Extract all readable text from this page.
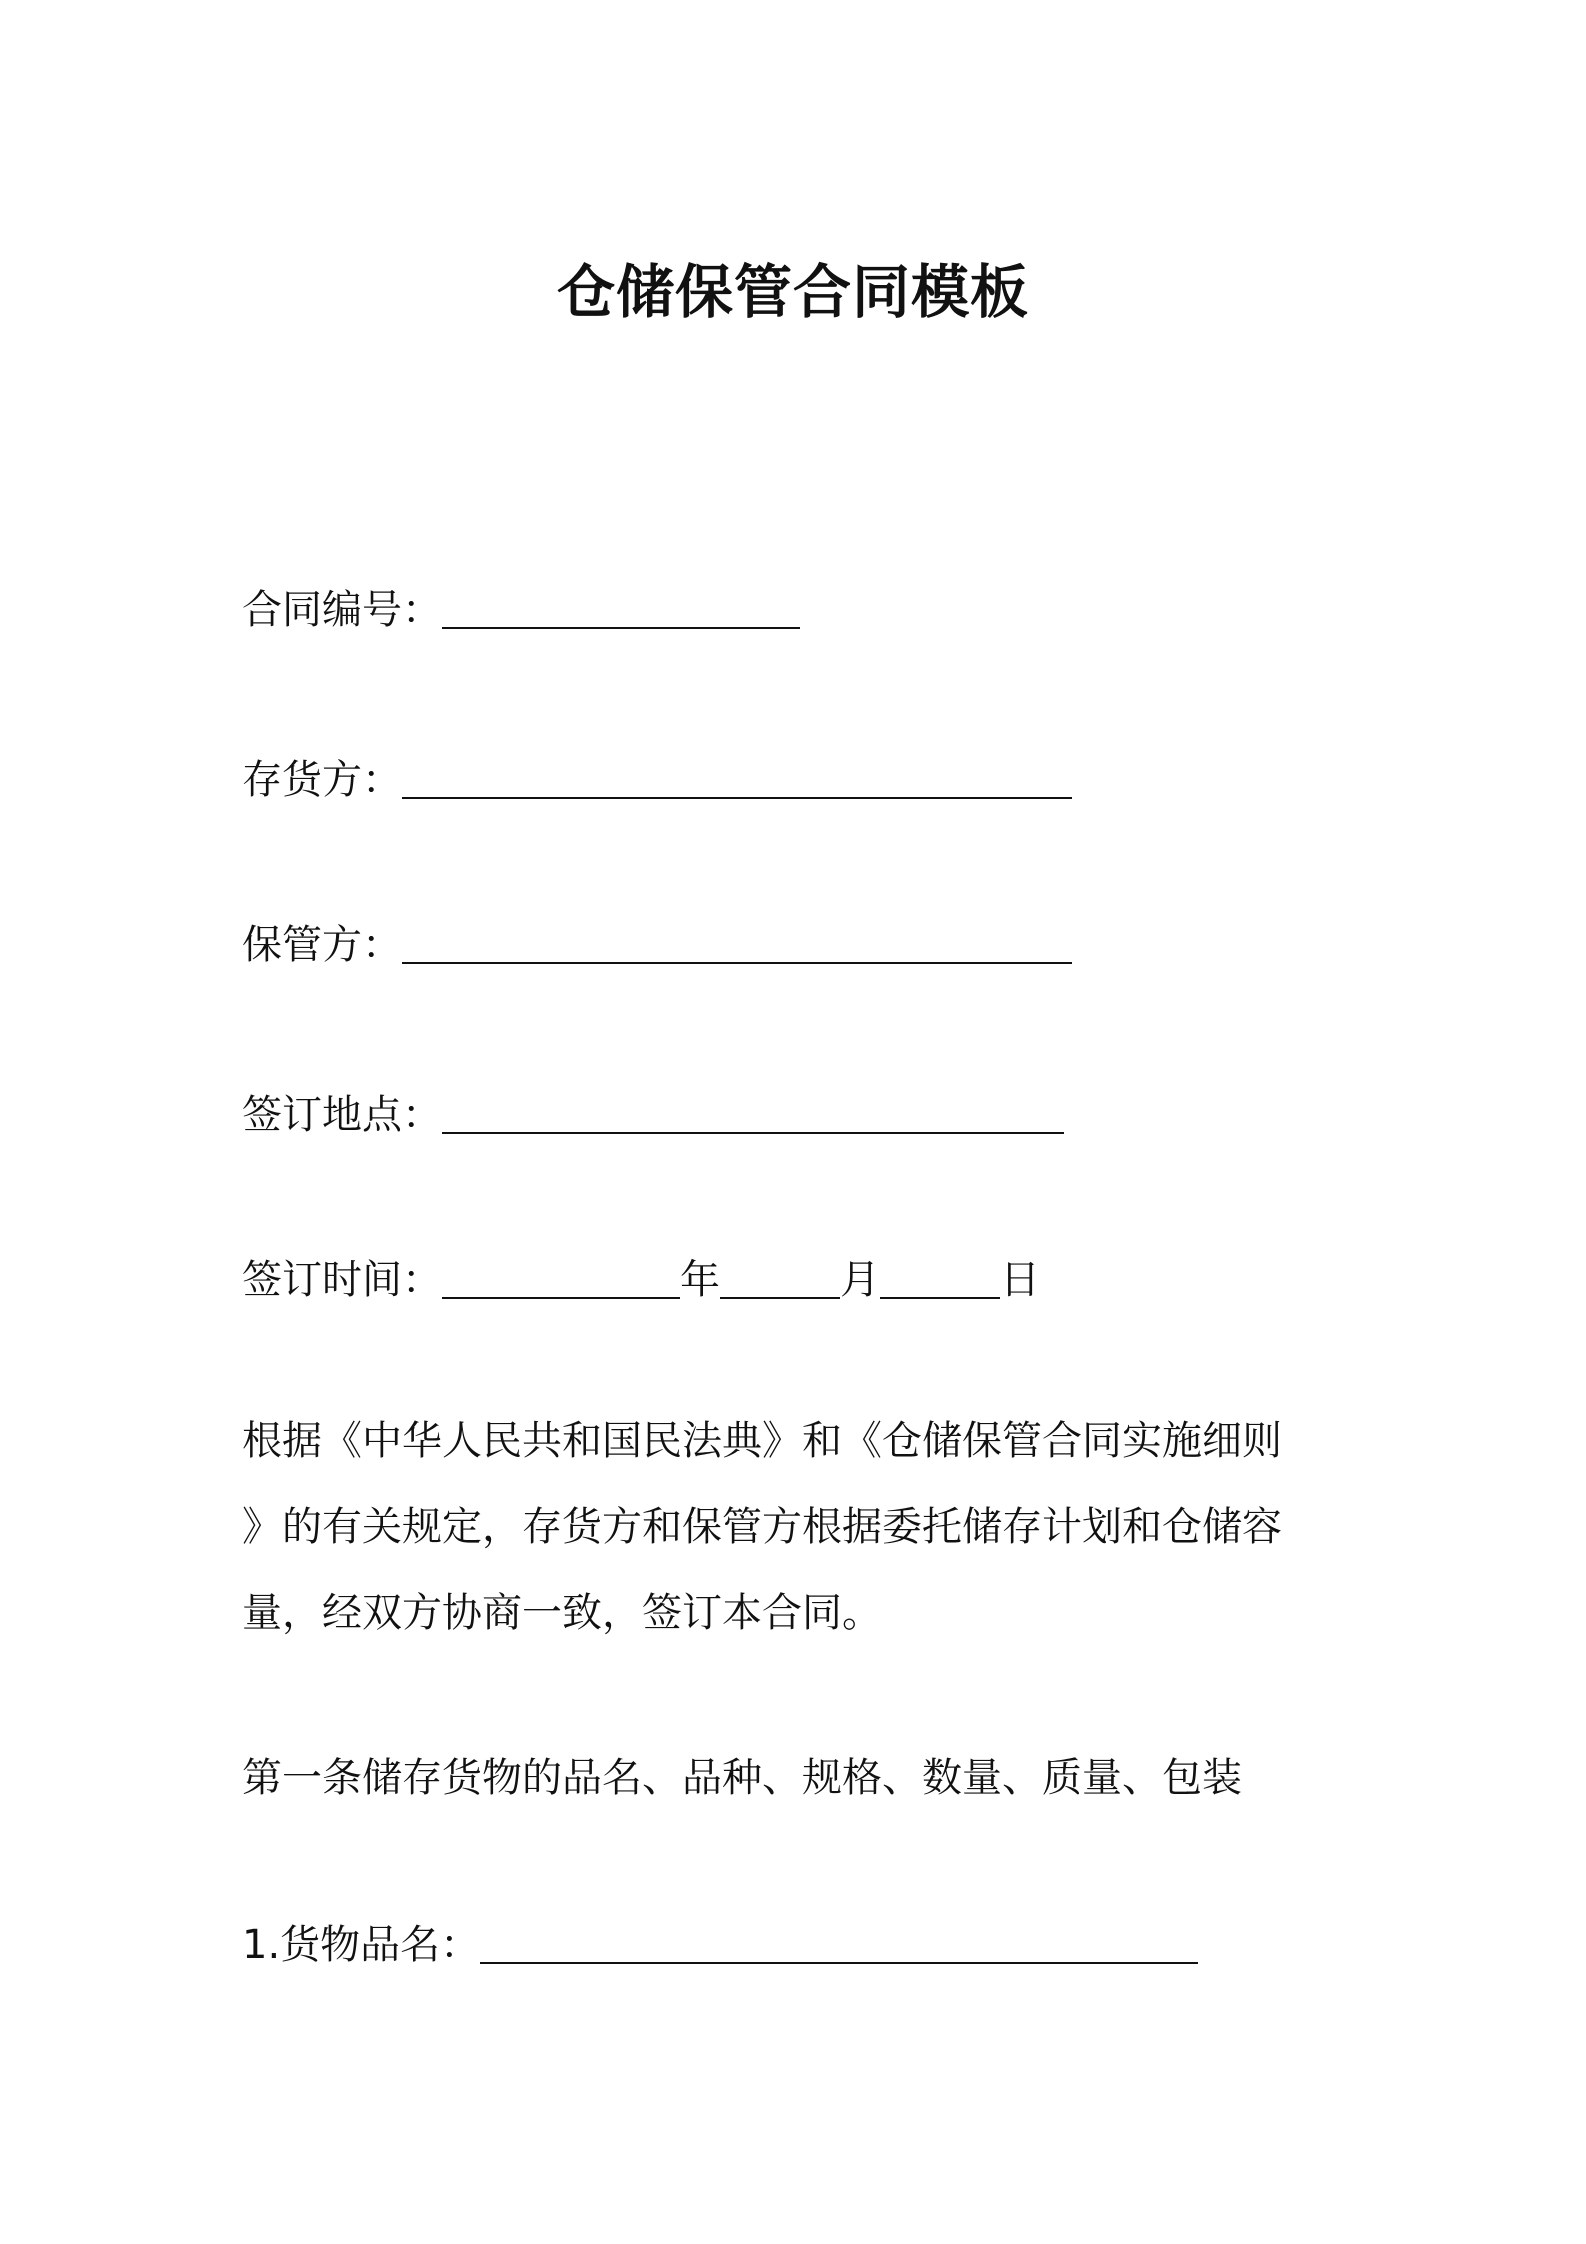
仓储保管合同模板
合同编号：
存货方：
保管方：
签订地点：
签订时间：	年	月	日
根据《中华人民共和国民法典》和《仓储保管合同实施细则
》的有关规定，存货方和保管方根据委托储存计划和仓储容
量，经双方协商一致，签订本合同。
第一条储存货物的品名、品种、规格、数量、质量、包装
1.货物品名：
